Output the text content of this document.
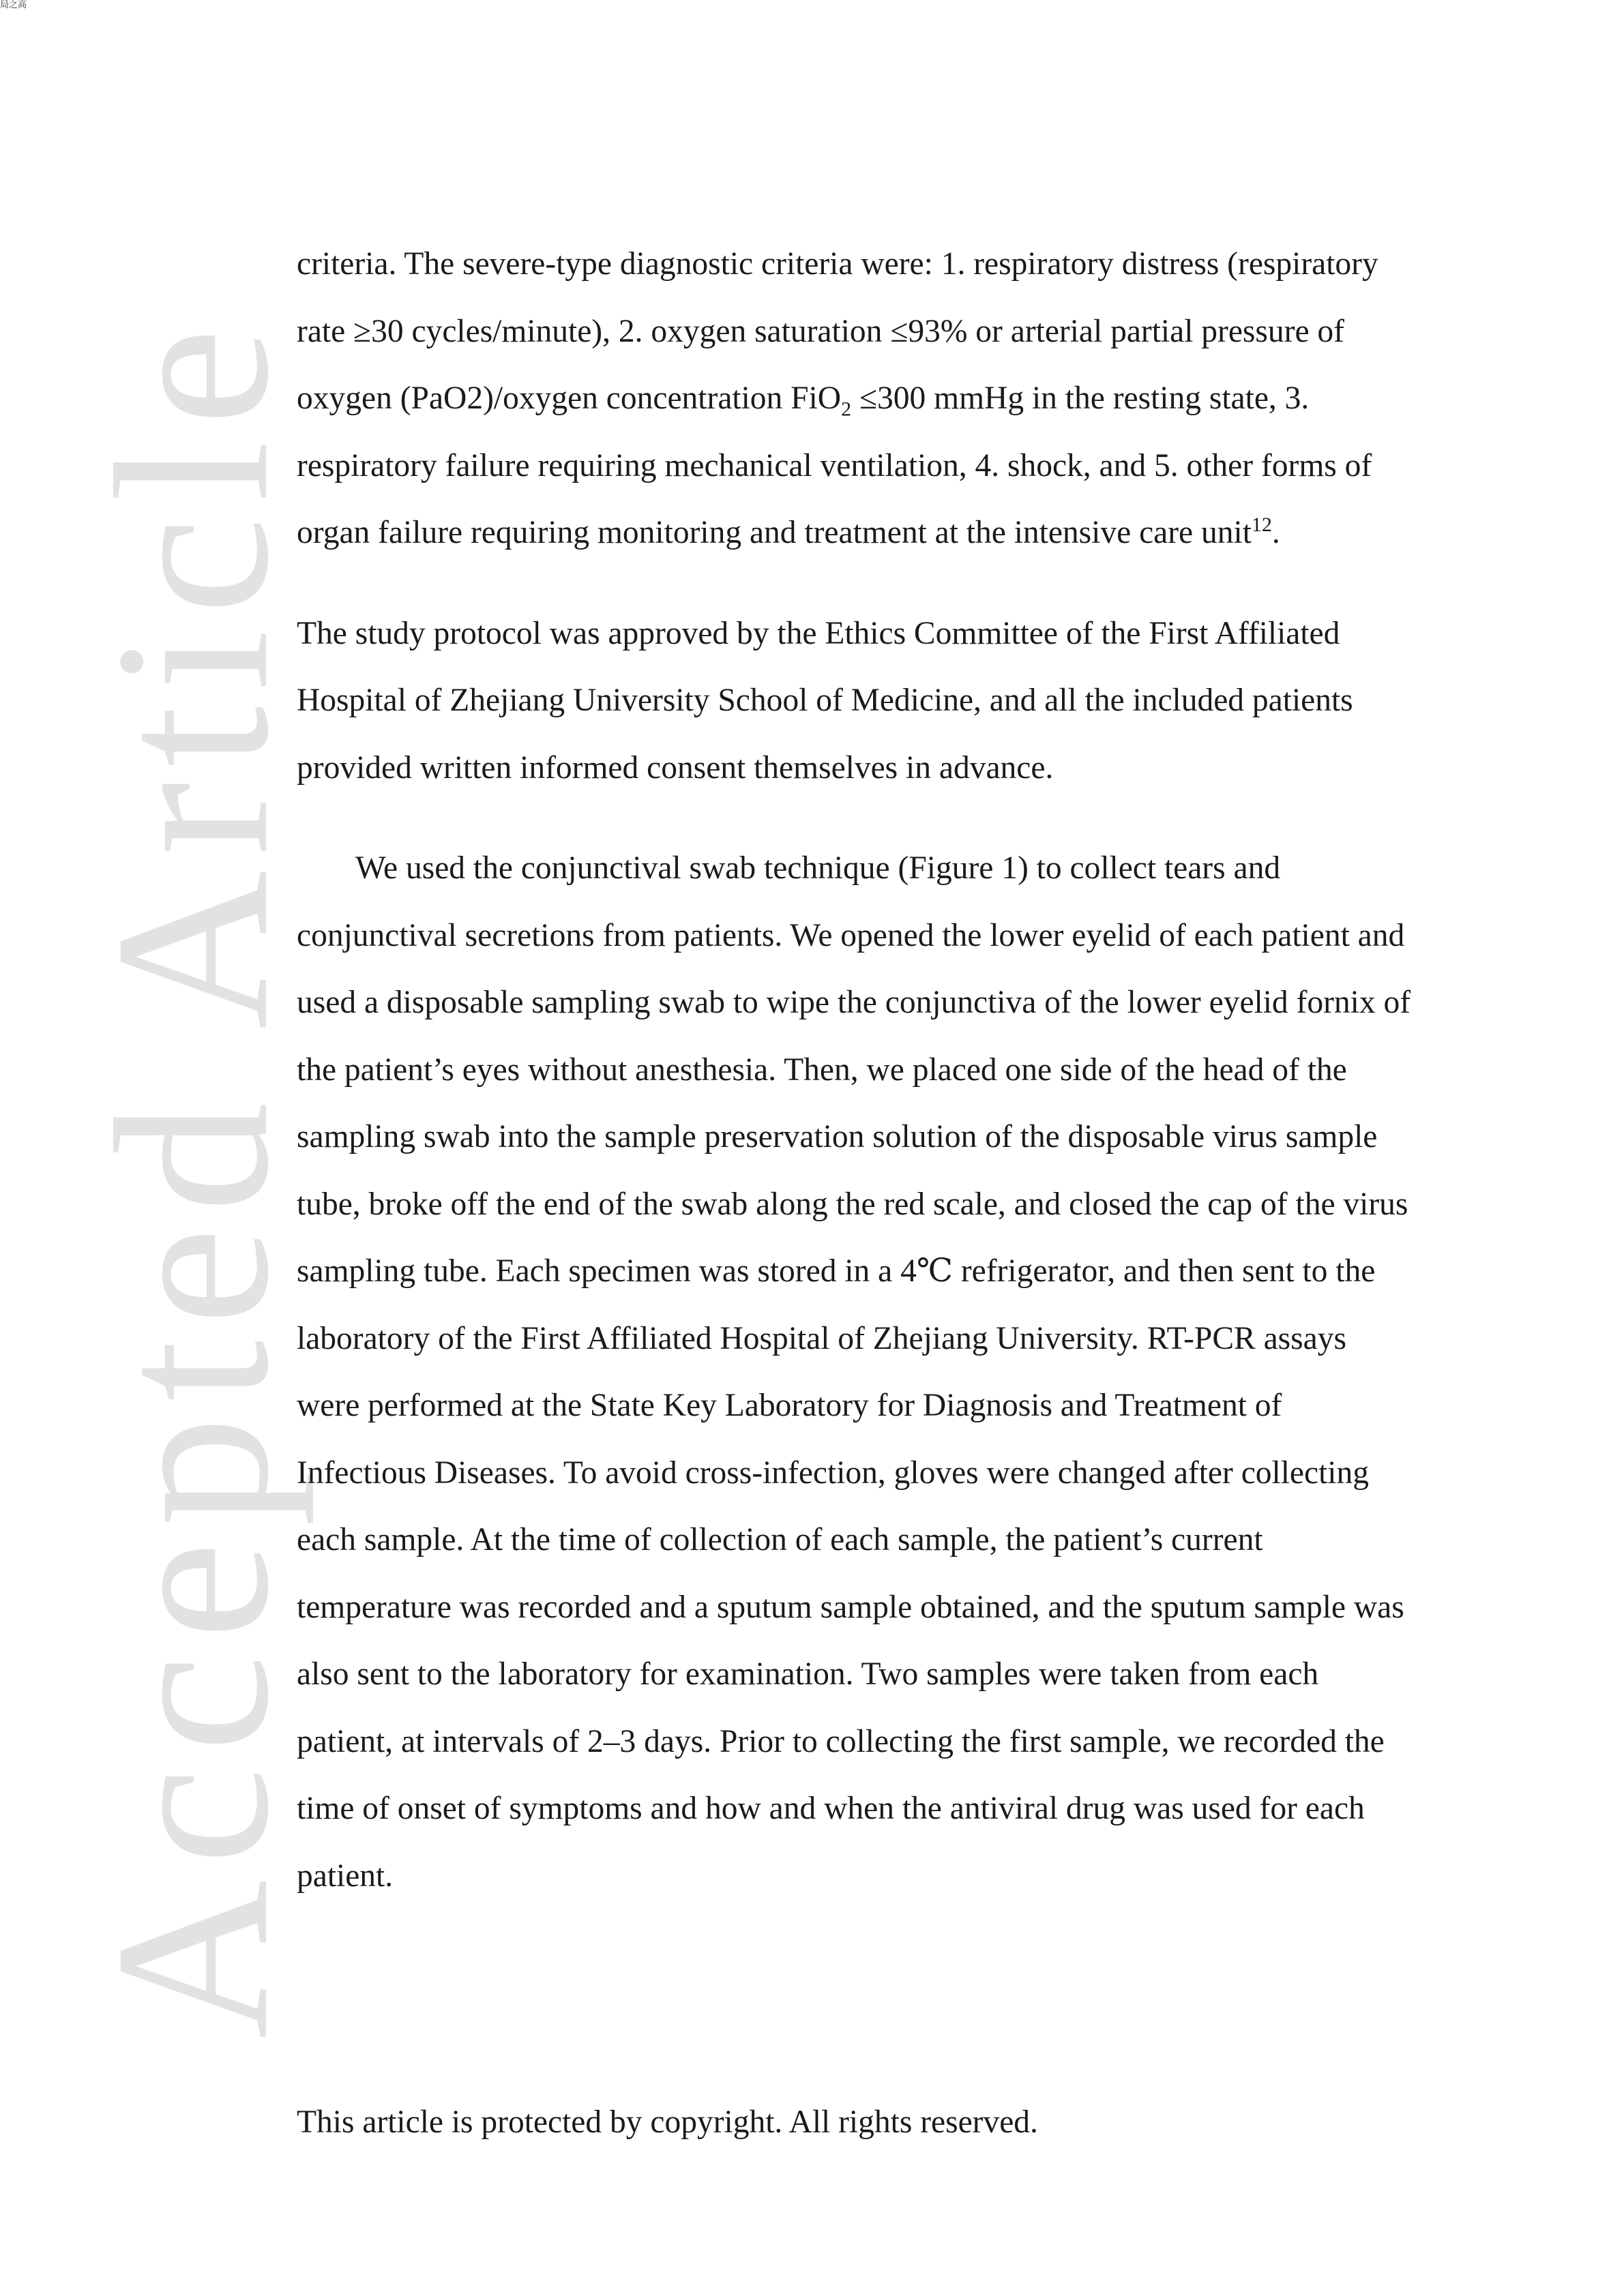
局之高
Accepted Article

criteria. The severe-type diagnostic criteria were: 1. respiratory distress (respiratory

rate ≥30 cycles/minute), 2. oxygen saturation ≤93% or arterial partial pressure of

oxygen (PaO2)/oxygen concentration FiO$_2$ ≤300 mmHg in the resting state, 3.

respiratory failure requiring mechanical ventilation, 4. shock, and 5. other forms of

organ failure requiring monitoring and treatment at the intensive care unit$^{12}$.

The study protocol was approved by the Ethics Committee of the First Affiliated

Hospital of Zhejiang University School of Medicine, and all the included patients

provided written informed consent themselves in advance.

We used the conjunctival swab technique (Figure 1) to collect tears and

conjunctival secretions from patients. We opened the lower eyelid of each patient and

used a disposable sampling swab to wipe the conjunctiva of the lower eyelid fornix of

the patient’s eyes without anesthesia. Then, we placed one side of the head of the

sampling swab into the sample preservation solution of the disposable virus sample

tube, broke off the end of the swab along the red scale, and closed the cap of the virus

sampling tube. Each specimen was stored in a 4℃ refrigerator, and then sent to the

laboratory of the First Affiliated Hospital of Zhejiang University. RT-PCR assays

were performed at the State Key Laboratory for Diagnosis and Treatment of

Infectious Diseases. To avoid cross-infection, gloves were changed after collecting

each sample. At the time of collection of each sample, the patient’s current

temperature was recorded and a sputum sample obtained, and the sputum sample was

also sent to the laboratory for examination. Two samples were taken from each

patient, at intervals of 2–3 days. Prior to collecting the first sample, we recorded the

time of onset of symptoms and how and when the antiviral drug was used for each

patient.

This article is protected by copyright. All rights reserved.
